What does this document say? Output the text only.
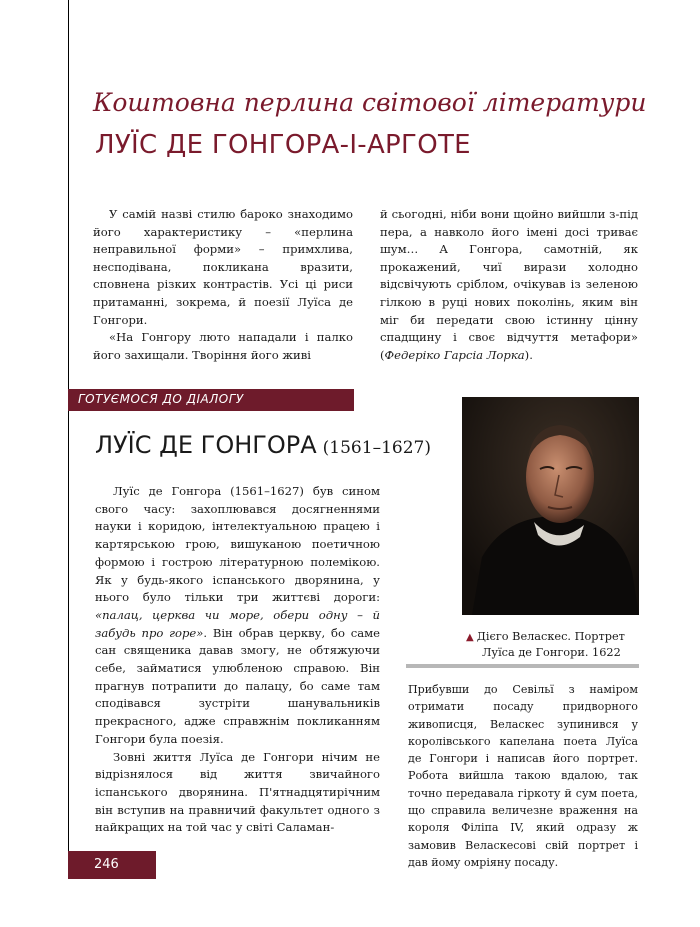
Коштовна перлина світової літератури
ЛУЇС ДЕ ГОНГОРА-І-АРГОТЕ

У самій назві стилю бароко знаходимо його характеристику – «перлина неправильної форми» – примхлива, несподівана, покликана вразити, сповнена різких контрастів. Усі ці риси притаманні, зокрема, й поезії Луїса де Гонгори.

«На Гонгору люто нападали і палко його захищали. Творіння його живі

й сьогодні, ніби вони щойно вийшли з-під пера, а навколо його імені досі триває шум… А Гонгора, самотній, як прокажений, чиї вирази холодно відсвічують сріблом, очікував із зеленою гілкою в руці нових поколінь, яким він міг би передати свою істинну цінну спадщину і своє відчуття метафори» (Федеріко Гарсіа Лорка).

ГОТУЄМОСЯ ДО ДІАЛОГУ
ЛУЇС ДЕ ГОНГОРА (1561–1627)

Луїс де Гонгора (1561–1627) був сином свого часу: захоплювався досягненнями науки і коридою, інтелектуальною працею і картярською грою, вишуканою поетичною формою і гострою літературною полемікою. Як у будь-якого іспанського дворянина, у нього було тільки три життєві дороги: «палац, церква чи море, обери одну – й забудь про горе». Він обрав церкву, бо саме сан священика давав змогу, не обтяжуючи себе, займатися улюбленою справою. Він прагнув потрапити до палацу, бо саме там сподівався зустріти шанувальників прекрасного, адже справжнім покликанням Гонгори була поезія.

Зовні життя Луїса де Гонгори нічим не відрізнялося від життя звичайного іспанського дворянина. П'ятнадцятирічним він вступив на правничий факультет одного з найкращих на той час у світі Саламан-

▲ Дієго Веласкес. Портрет
Луїса де Гонгори. 1622

Прибувши до Севільї з наміром отримати посаду придворного живописця, Веласкес зупинився у королівського капелана поета Луїса де Гонгори і написав його портрет. Робота вийшла такою вдалою, так точно передавала гіркоту й сум поета, що справила величезне враження на короля Філіпа IV, який одразу ж замовив Веласкесові свій портрет і дав йому омріяну посаду.

246
